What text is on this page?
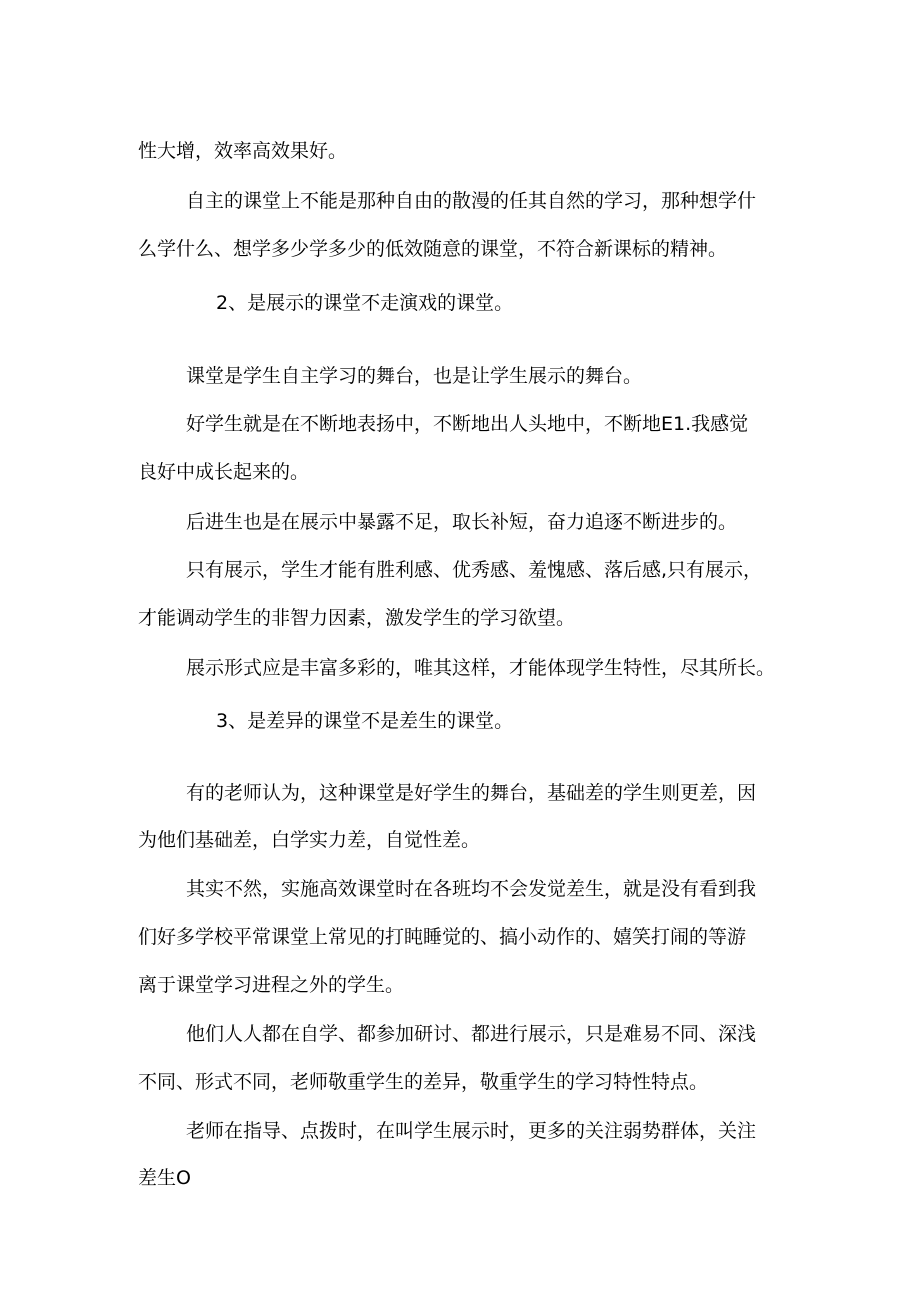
性大增，效率高效果好。
自主的课堂上不能是那种自由的散漫的任其自然的学习，那种想学什
么学什么、想学多少学多少的低效随意的课堂，不符合新课标的精神。
2、是展示的课堂不走演戏的课堂。
课堂是学生自主学习的舞台，也是让学生展示的舞台。
好学生就是在不断地表扬中，不断地出人头地中，不断地E1.我感觉
良好中成长起来的。
后进生也是在展示中暴露不足，取长补短，奋力追逐不断进步的。
只有展示，学生才能有胜利感、优秀感、羞愧感、落后感,只有展示，
才能调动学生的非智力因素，激发学生的学习欲望。
展示形式应是丰富多彩的，唯其这样，才能体现学生特性，尽其所长。
3、是差异的课堂不是差生的课堂。
有的老师认为，这种课堂是好学生的舞台，基础差的学生则更差，因
为他们基础差，白学实力差，自觉性差。
其实不然，实施高效课堂时在各班均不会发觉差生，就是没有看到我
们好多学校平常课堂上常见的打盹睡觉的、搞小动作的、嬉笑打闹的等游
离于课堂学习进程之外的学生。
他们人人都在自学、都参加研讨、都进行展示，只是难易不同、深浅
不同、形式不同，老师敬重学生的差异，敬重学生的学习特性特点。
老师在指导、点拨时，在叫学生展示时，更多的关注弱势群体，关注
差生O
